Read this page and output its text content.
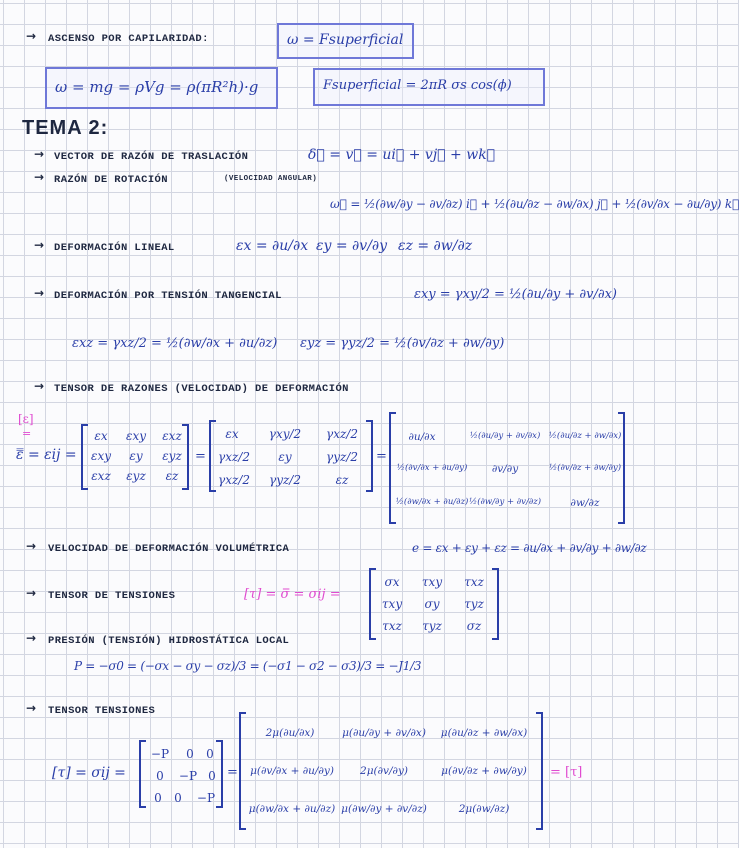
→ ASCENSO POR CAPILARIDAD:	ω = Fsuperficial
ω = mg = ρVg = ρ(πR²h)·g	Fsuperficial = 2πR σs cos(ϕ)
TEMA 2:
→ VECTOR DE RAZÓN DE TRASLACIÓN	δ⃗ = v⃗ = ui⃗ + vj⃗ + wk⃗
→ RAZÓN DE ROTACIÓN	(VELOCIDAD ANGULAR)
ω⃗ = ½(∂w/∂y − ∂v/∂z) i⃗ + ½(∂u/∂z − ∂w/∂x) j⃗ + ½(∂v/∂x − ∂u/∂y) k⃗
→ DEFORMACIÓN LINEAL	εx = ∂u/∂x εy = ∂v/∂y εz = ∂w/∂z
→ DEFORMACIÓN POR TENSIÓN TANGENCIAL	εxy = γxy/2 = ½(∂u/∂y + ∂v/∂x)
εxz = γxz/2 = ½(∂w/∂x + ∂u/∂z) εyz = γyz/2 = ½(∂v/∂z + ∂w/∂y)
→ TENSOR DE RAZONES (VELOCIDAD) DE DEFORMACIÓN
[ε]
=
ε̿ = εij =
εx εxy εxz
εxy εy εyz
εxz εyz εz
=
εx	γxy/2 γxz/2
γxz/2 εy	γyz/2
γxz/2 γyz/2	εz
=
∂u/∂x	½(∂u/∂y + ∂v/∂x) ½(∂u/∂z + ∂w/∂x)
½(∂v/∂x + ∂u/∂y) ∂v/∂y	½(∂v/∂z + ∂w/∂y)
½(∂w/∂x + ∂u/∂z) ½(∂w/∂y + ∂v/∂z)	∂w/∂z
→ VELOCIDAD DE DEFORMACIÓN VOLUMÉTRICA	e = εx + εy + εz = ∂u/∂x + ∂v/∂y + ∂w/∂z
→ TENSOR DE TENSIONES	[τ] = σ̿ = σij =
σx τxy τxz
τxy σy τyz
τxz τyz σz
→ PRESIÓN (TENSIÓN) HIDROSTÁTICA LOCAL
P = −σ0 = (−σx − σy − σz)/3 = (−σ1 − σ2 − σ3)/3 = −J1/3
→ TENSOR TENSIONES
[τ] = σij =
−P 0 0
0 −P 0
0 0 −P
=
2μ(∂u/∂x)	μ(∂u/∂y + ∂v/∂x) μ(∂u/∂z + ∂w/∂x)
μ(∂v/∂x + ∂u/∂y) 2μ(∂v/∂y)	μ(∂v/∂z + ∂w/∂y)
μ(∂w/∂x + ∂u/∂z) μ(∂w/∂y + ∂v/∂z)	2μ(∂w/∂z)
= [τ]
